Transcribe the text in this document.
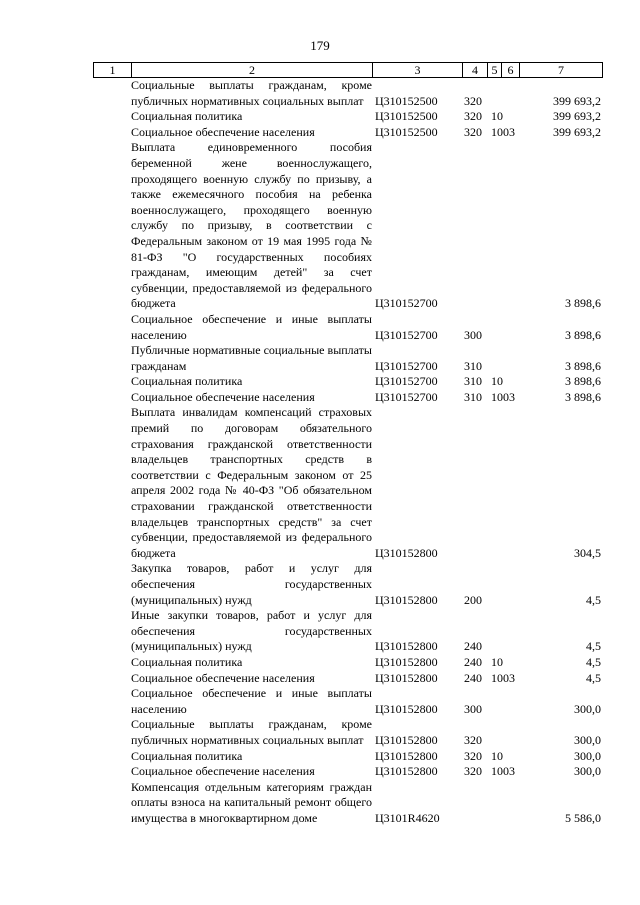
179
1	2	3	4	5 6	7
Социальные выплаты гражданам, кроме публичных нормативных социальных выплат Ц310152500	320	399 693,2
Социальная политика	Ц310152500	320 10	399 693,2
Социальное обеспечение населения	Ц310152500	320 10 03	399 693,2
Выплата единовременного пособия беременной жене военнослужащего, проходящего военную службу по призыву, а также ежемесячного пособия на ребенка военнослужащего, проходящего военную службу по призыву, в соответствии с Федеральным законом от 19 мая 1995 года № 81-ФЗ "О государственных пособиях гражданам, имеющим детей" за счет субвенции, предоставляемой из федерального бюджета	Ц310152700	3 898,6
Социальное обеспечение и иные выплаты населению	Ц310152700	300	3 898,6
Публичные нормативные социальные выплаты гражданам	Ц310152700	310	3 898,6
Социальная политика	Ц310152700	310 10	3 898,6
Социальное обеспечение населения	Ц310152700	310 10 03	3 898,6
Выплата инвалидам компенсаций страховых премий по договорам обязательного страхования гражданской ответственности владельцев транспортных средств в соответствии с Федеральным законом от 25 апреля 2002 года № 40-ФЗ "Об обязательном страховании гражданской ответственности владельцев транспортных средств" за счет субвенции, предоставляемой из федерального бюджета	Ц310152800	304,5
Закупка товаров, работ и услуг для обеспечения государственных (муниципальных) нужд	Ц310152800	200	4,5
Иные закупки товаров, работ и услуг для обеспечения государственных (муниципальных) нужд	Ц310152800	240	4,5
Социальная политика	Ц310152800	240 10	4,5
Социальное обеспечение населения	Ц310152800	240 10 03	4,5
Социальное обеспечение и иные выплаты населению	Ц310152800	300	300,0
Социальные выплаты гражданам, кроме публичных нормативных социальных выплат Ц310152800	320	300,0
Социальная политика	Ц310152800	320 10	300,0
Социальное обеспечение населения	Ц310152800	320 10 03	300,0
Компенсация отдельным категориям граждан оплаты взноса на капитальный ремонт общего имущества в многоквартирном доме	Ц3101R4620	5 586,0
